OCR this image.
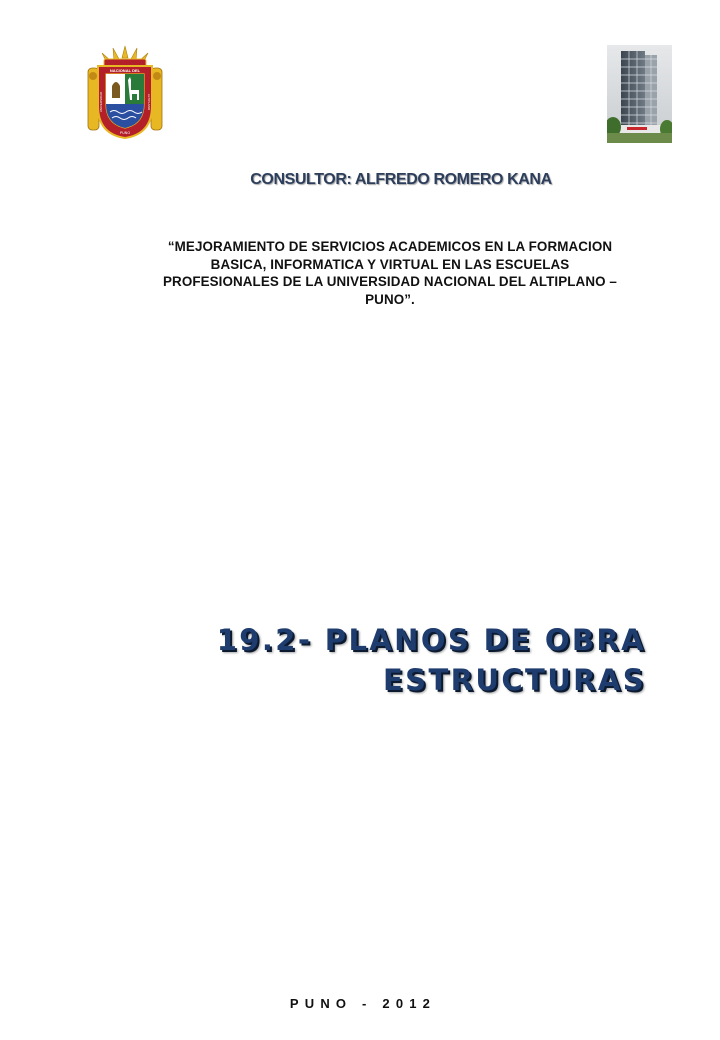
NACIONAL DEL
PUNO
UNIVERSIDAD	ALTIPLANO
CONSULTOR: ALFREDO ROMERO KANA
“MEJORAMIENTO DE SERVICIOS ACADEMICOS EN LA FORMACION
BASICA, INFORMATICA Y VIRTUAL EN LAS ESCUELAS
PROFESIONALES DE LA UNIVERSIDAD NACIONAL DEL ALTIPLANO –
PUNO”.
19.2- PLANOS DE OBRA
ESTRUCTURAS
PUNO - 2012
